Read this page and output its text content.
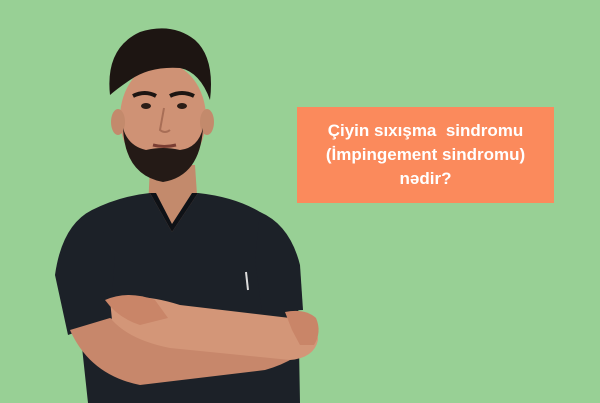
Çiyin sıxışma  sindromu
(İmpingement sindromu)
nədir?
